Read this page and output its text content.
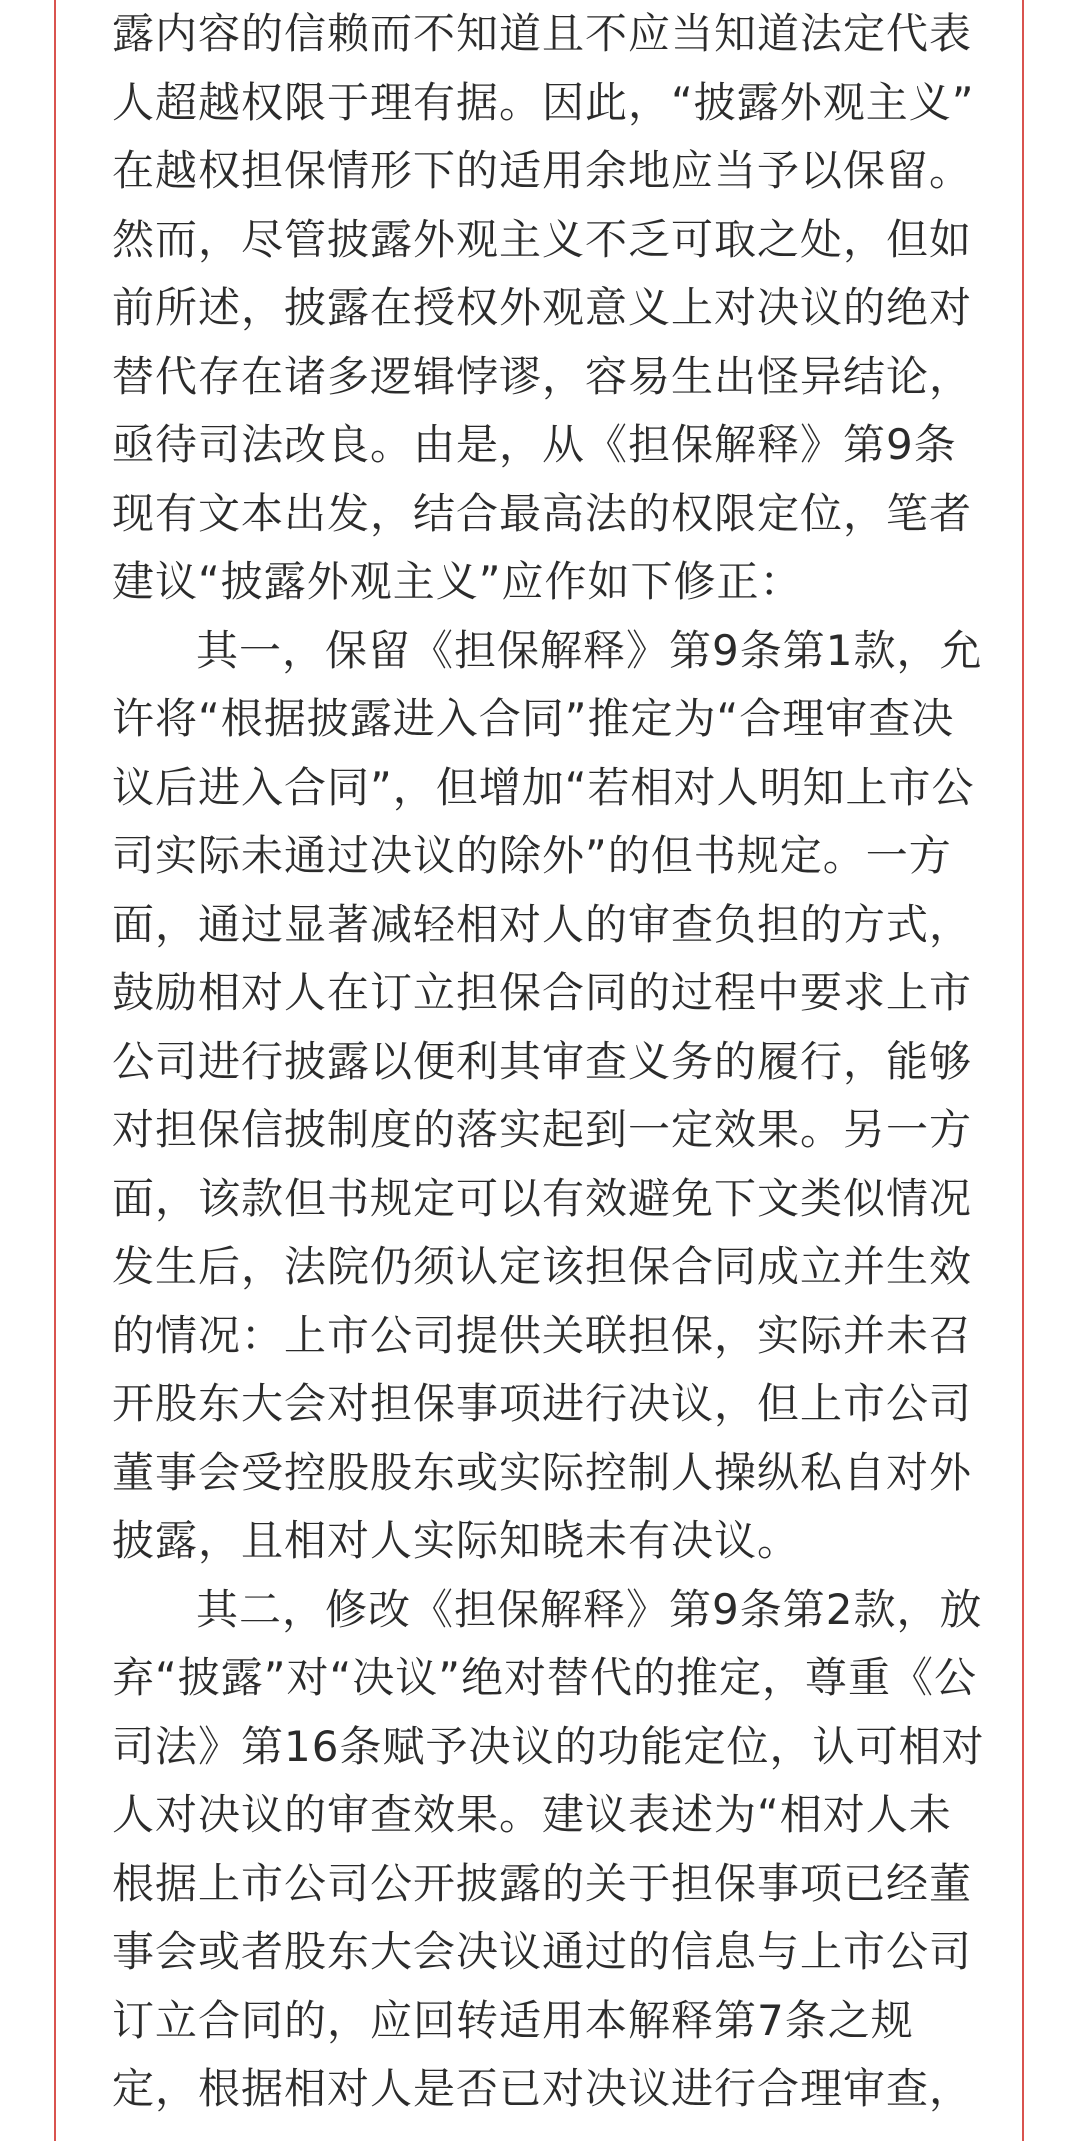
露内容的信赖而不知道且不应当知道法定代表
人超越权限于理有据。因此，“披露外观主义”
在越权担保情形下的适用余地应当予以保留。
然而，尽管披露外观主义不乏可取之处，但如
前所述，披露在授权外观意义上对决议的绝对
替代存在诸多逻辑悖谬，容易生出怪异结论，
亟待司法改良。由是，从《担保解释》第9条
现有文本出发，结合最高法的权限定位，笔者
建议“披露外观主义”应作如下修正：
其一，保留《担保解释》第9条第1款，允
许将“根据披露进入合同”推定为“合理审查决
议后进入合同”，但增加“若相对人明知上市公
司实际未通过决议的除外”的但书规定。一方
面，通过显著减轻相对人的审查负担的方式，
鼓励相对人在订立担保合同的过程中要求上市
公司进行披露以便利其审查义务的履行，能够
对担保信披制度的落实起到一定效果。另一方
面，该款但书规定可以有效避免下文类似情况
发生后，法院仍须认定该担保合同成立并生效
的情况：上市公司提供关联担保，实际并未召
开股东大会对担保事项进行决议，但上市公司
董事会受控股股东或实际控制人操纵私自对外
披露，且相对人实际知晓未有决议。
其二，修改《担保解释》第9条第2款，放
弃“披露”对“决议”绝对替代的推定，尊重《公
司法》第16条赋予决议的功能定位，认可相对
人对决议的审查效果。建议表述为“相对人未
根据上市公司公开披露的关于担保事项已经董
事会或者股东大会决议通过的信息与上市公司
订立合同的，应回转适用本解释第7条之规
定，根据相对人是否已对决议进行合理审查，
